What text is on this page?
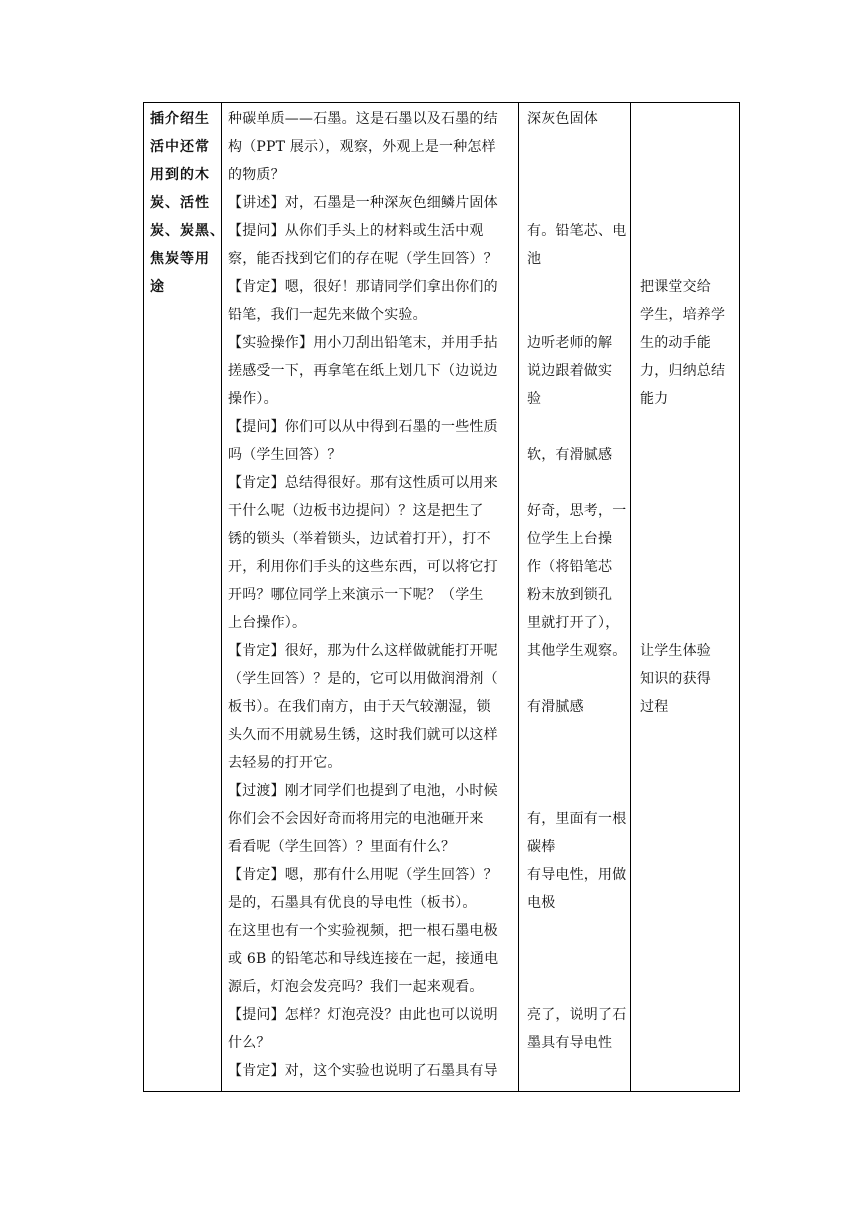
插介绍生
活中还常
用到的木
炭、活性
炭、炭黑、
焦炭等用
途

种碳单质——石墨。这是石墨以及石墨的结
构（PPT 展示），观察，外观上是一种怎样
的物质？
【讲述】对，石墨是一种深灰色细鳞片固体
【提问】从你们手头上的材料或生活中观
察，能否找到它们的存在呢（学生回答）？
【肯定】嗯，很好！那请同学们拿出你们的
铅笔，我们一起先来做个实验。
【实验操作】用小刀刮出铅笔末，并用手拈
搓感受一下，再拿笔在纸上划几下（边说边
操作）。
【提问】你们可以从中得到石墨的一些性质
吗（学生回答）？
【肯定】总结得很好。那有这性质可以用来
干什么呢（边板书边提问）？这是把生了
锈的锁头（举着锁头，边试着打开），打不
开，利用你们手头的这些东西，可以将它打
开吗？哪位同学上来演示一下呢？（学生
上台操作）。
【肯定】很好，那为什么这样做就能打开呢
（学生回答）？是的，它可以用做润滑剂（
板书）。在我们南方，由于天气较潮湿，锁
头久而不用就易生锈，这时我们就可以这样
去轻易的打开它。
【过渡】刚才同学们也提到了电池，小时候
你们会不会因好奇而将用完的电池砸开来
看看呢（学生回答）？里面有什么？
【肯定】嗯，那有什么用呢（学生回答）？
是的，石墨具有优良的导电性（板书）。
在这里也有一个实验视频，把一根石墨电极
或 6B 的铅笔芯和导线连接在一起，接通电
源后，灯泡会发亮吗？我们一起来观看。
【提问】怎样？灯泡亮没？由此也可以说明
什么？
【肯定】对，这个实验也说明了石墨具有导

深灰色固体
有。铅笔芯、电
池
边听老师的解
说边跟着做实
验
软，有滑腻感
好奇，思考，一
位学生上台操
作（将铅笔芯
粉末放到锁孔
里就打开了），
其他学生观察。
有滑腻感
有，里面有一根
碳棒
有导电性，用做
电极
亮了，说明了石
墨具有导电性

把课堂交给
学生，培养学
生的动手能
力，归纳总结
能力
让学生体验
知识的获得
过程
